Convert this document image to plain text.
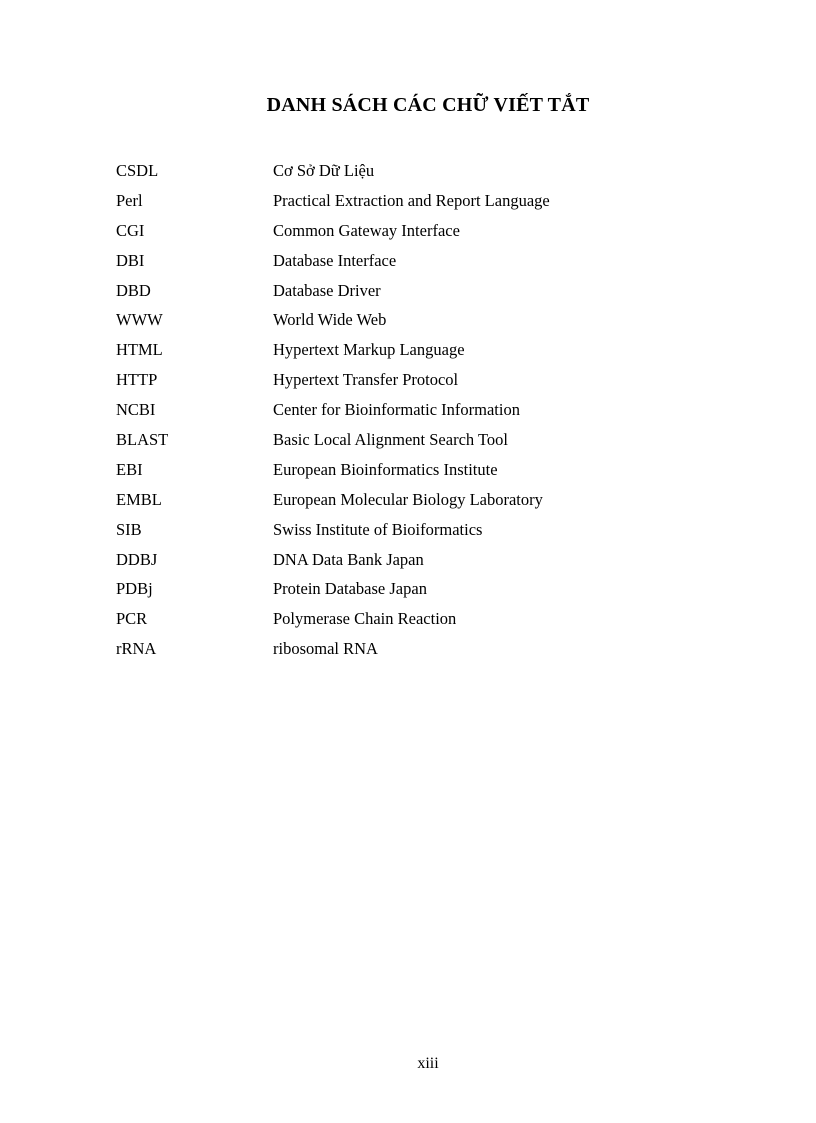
DANH SÁCH CÁC CHỮ VIẾT TẮT
CSDL	Cơ Sở Dữ Liệu
Perl	Practical Extraction and Report Language
CGI	Common Gateway Interface
DBI	Database Interface
DBD	Database Driver
WWW	World Wide Web
HTML	Hypertext Markup Language
HTTP	Hypertext Transfer Protocol
NCBI	Center for Bioinformatic Information
BLAST	Basic Local Alignment Search Tool
EBI	European Bioinformatics Institute
EMBL	European Molecular Biology Laboratory
SIB	Swiss Institute of Bioiformatics
DDBJ	DNA Data Bank Japan
PDBj	Protein Database Japan
PCR	Polymerase Chain Reaction
rRNA	ribosomal RNA
xiii
